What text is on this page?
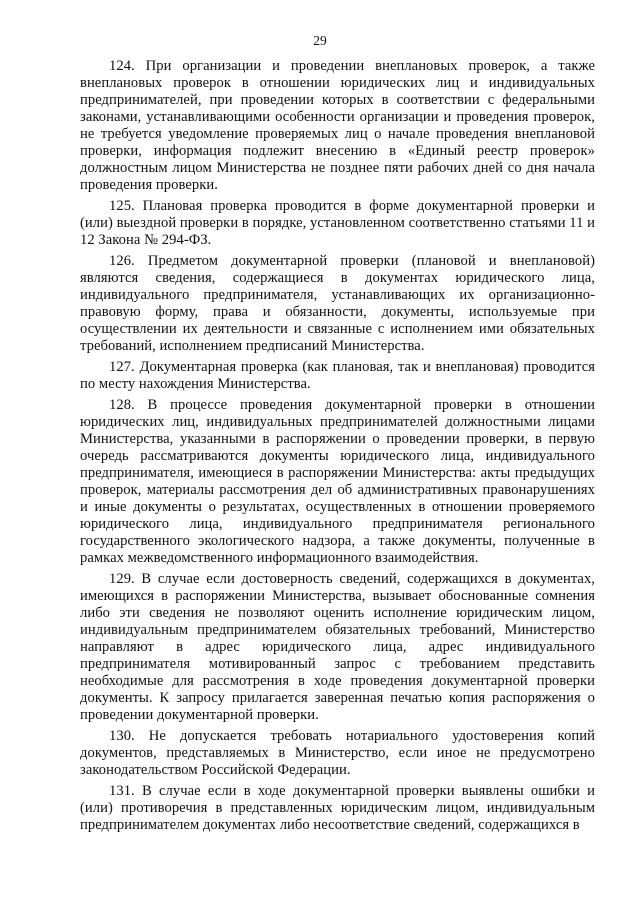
29

124. При организации и проведении внеплановых проверок, а также внеплановых проверок в отношении юридических лиц и индивидуальных предпринимателей, при проведении которых в соответствии с федеральными законами, устанавливающими особенности организации и проведения проверок, не требуется уведомление проверяемых лиц о начале проведения внеплановой проверки, информация подлежит внесению в «Единый реестр проверок» должностным лицом Министерства не позднее пяти рабочих дней со дня начала проведения проверки.

125. Плановая проверка проводится в форме документарной проверки и (или) выездной проверки в порядке, установленном соответственно статьями 11 и 12 Закона № 294-ФЗ.

126. Предметом документарной проверки (плановой и внеплановой) являются сведения, содержащиеся в документах юридического лица, индивидуального предпринимателя, устанавливающих их организационно-правовую форму, права и обязанности, документы, используемые при осуществлении их деятельности и связанные с исполнением ими обязательных требований, исполнением предписаний Министерства.

127. Документарная проверка (как плановая, так и внеплановая) проводится по месту нахождения Министерства.

128. В процессе проведения документарной проверки в отношении юридических лиц, индивидуальных предпринимателей должностными лицами Министерства, указанными в распоряжении о проведении проверки, в первую очередь рассматриваются документы юридического лица, индивидуального предпринимателя, имеющиеся в распоряжении Министерства: акты предыдущих проверок, материалы рассмотрения дел об административных правонарушениях и иные документы о результатах, осуществленных в отношении проверяемого юридического лица, индивидуального предпринимателя регионального государственного экологического надзора, а также документы, полученные в рамках межведомственного информационного взаимодействия.

129. В случае если достоверность сведений, содержащихся в документах, имеющихся в распоряжении Министерства, вызывает обоснованные сомнения либо эти сведения не позволяют оценить исполнение юридическим лицом, индивидуальным предпринимателем обязательных требований, Министерство направляют в адрес юридического лица, адрес индивидуального предпринимателя мотивированный запрос с требованием представить необходимые для рассмотрения в ходе проведения документарной проверки документы. К запросу прилагается заверенная печатью копия распоряжения о проведении документарной проверки.

130. Не допускается требовать нотариального удостоверения копий документов, представляемых в Министерство, если иное не предусмотрено законодательством Российской Федерации.

131. В случае если в ходе документарной проверки выявлены ошибки и (или) противоречия в представленных юридическим лицом, индивидуальным предпринимателем документах либо несоответствие сведений, содержащихся в
